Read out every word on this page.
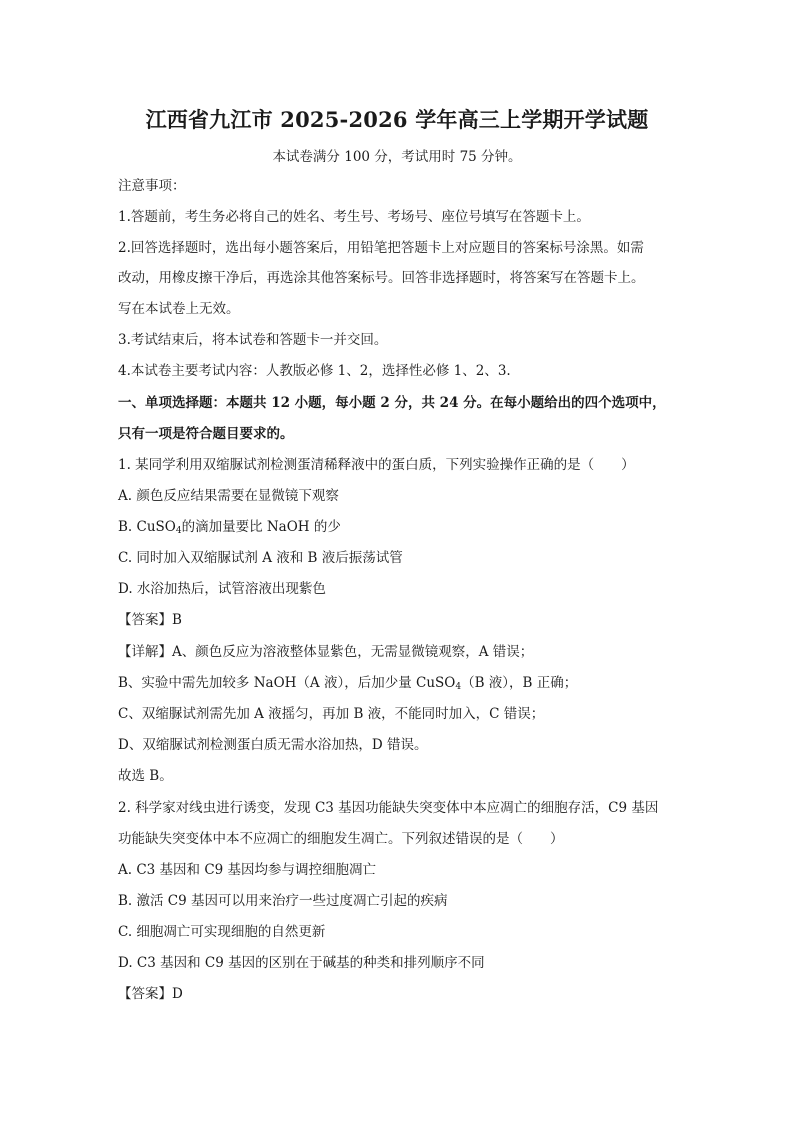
江西省九江市 2025-2026 学年高三上学期开学试题
本试卷满分 100 分，考试用时 75 分钟。
注意事项：
1.答题前，考生务必将自己的姓名、考生号、考场号、座位号填写在答题卡上。
2.回答选择题时，选出每小题答案后，用铅笔把答题卡上对应题目的答案标号涂黑。如需
改动，用橡皮擦干净后，再选涂其他答案标号。回答非选择题时，将答案写在答题卡上。
写在本试卷上无效。
3.考试结束后，将本试卷和答题卡一并交回。
4.本试卷主要考试内容：人教版必修 1、2，选择性必修 1、2、3.
一、单项选择题：本题共 12 小题，每小题 2 分，共 24 分。在每小题给出的四个选项中，
只有一项是符合题目要求的。
1. 某同学利用双缩脲试剂检测蛋清稀释液中的蛋白质，下列实验操作正确的是（　　）
A. 颜色反应结果需要在显微镜下观察
B. CuSO$_4$的滴加量要比 NaOH 的少
C. 同时加入双缩脲试剂 A 液和 B 液后振荡试管
D. 水浴加热后，试管溶液出现紫色
【答案】B
【详解】A、颜色反应为溶液整体显紫色，无需显微镜观察，A 错误；
B、实验中需先加较多 NaOH（A 液），后加少量 CuSO$_4$（B 液），B 正确；
C、双缩脲试剂需先加 A 液摇匀，再加 B 液，不能同时加入，C 错误；
D、双缩脲试剂检测蛋白质无需水浴加热，D 错误。
故选 B。
2. 科学家对线虫进行诱变，发现 C3 基因功能缺失突变体中本应凋亡的细胞存活，C9 基因
功能缺失突变体中本不应凋亡的细胞发生凋亡。下列叙述错误的是（　　）
A. C3 基因和 C9 基因均参与调控细胞凋亡
B. 激活 C9 基因可以用来治疗一些过度凋亡引起的疾病
C. 细胞凋亡可实现细胞的自然更新
D. C3 基因和 C9 基因的区别在于碱基的种类和排列顺序不同
【答案】D
